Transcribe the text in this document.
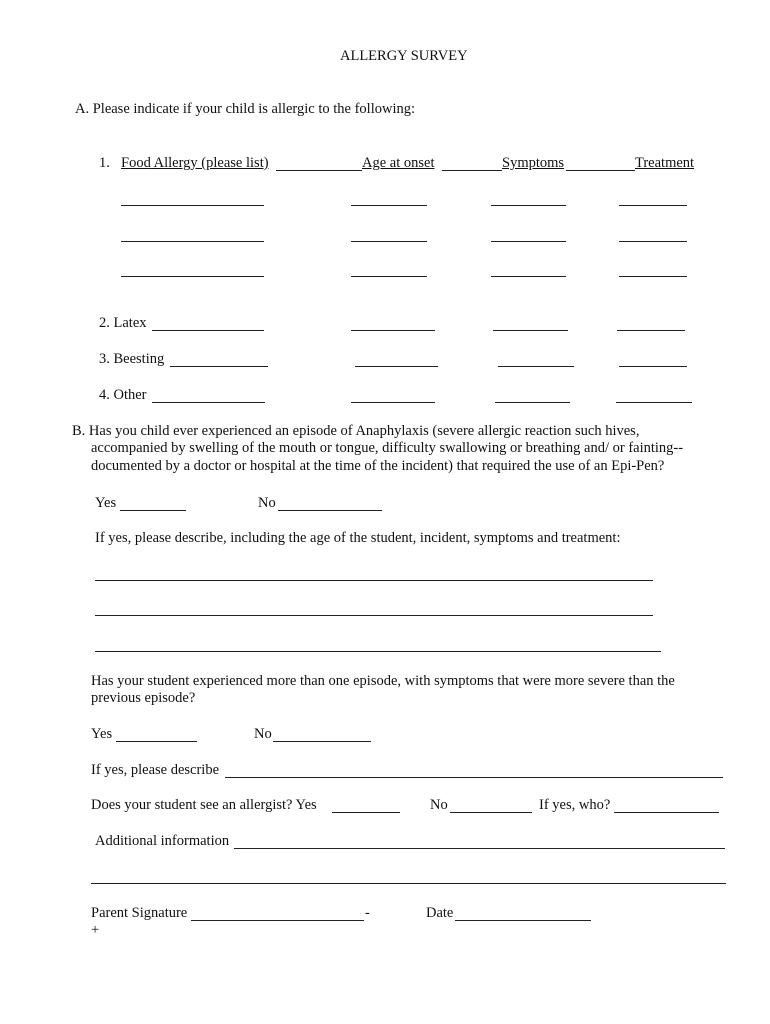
ALLERGY SURVEY
A. Please indicate if your child is allergic to the following:
1. Food Allergy (please list)	Age at onset	Symptoms	Treatment
2. Latex
3. Beesting
4. Other
B. Has you child ever experienced an episode of Anaphylaxis (severe allergic reaction such hives,
accompanied by swelling of the mouth or tongue, difficulty swallowing or breathing and/ or fainting--
documented by a doctor or hospital at the time of the incident) that required the use of an Epi-Pen?
Yes	No
If yes, please describe, including the age of the student, incident, symptoms and treatment:
Has your student experienced more than one episode, with symptoms that were more severe than the
previous episode?
Yes	No
If yes, please describe
Does your student see an allergist? Yes	No	If yes, who?
Additional information
Parent Signature	-	Date
+
